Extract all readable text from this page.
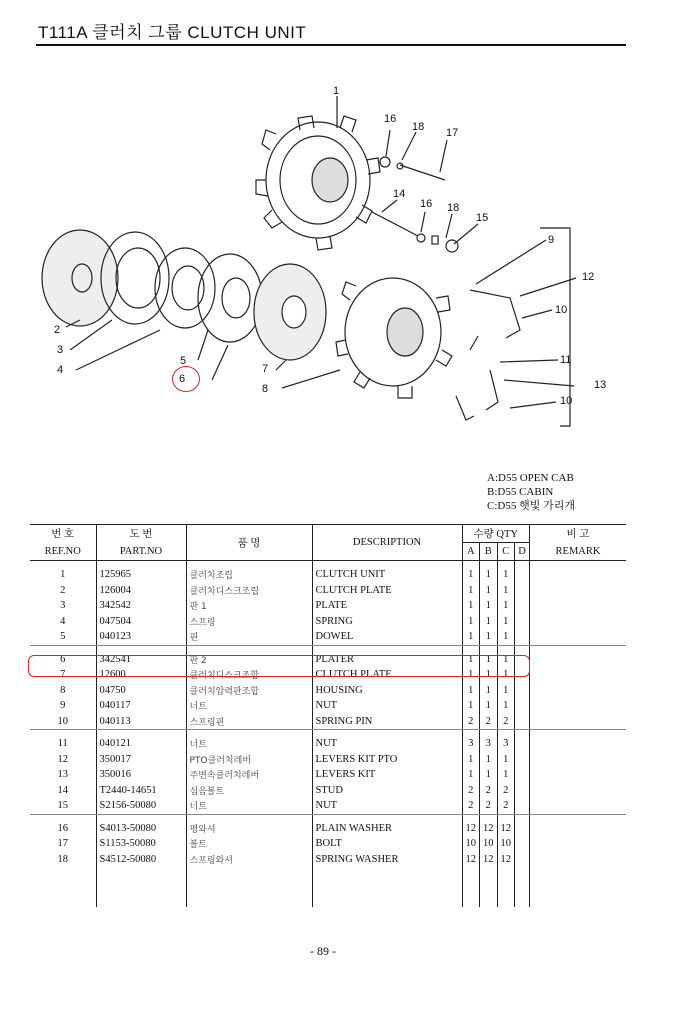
T111A 클러치 그룹 CLUTCH UNIT
1
16
18 17
14
16 18
15
9
12
10
11
13
10
2
3
4
5
6
7
8
A:D55 OPEN CAB
B:D55 CABIN
C:D55 햇빛 가리개
번 호	도 번	품 명	DESCRIPTION	수량 QTY				비 고
REF.NO	PART.NO			A	B	C	D	REMARK

1	125965	클러치조립	CLUTCH UNIT	1	1	1		
2	126004	클러치디스크조립	CLUTCH PLATE	1	1	1		
3	342542	판 1	PLATE	1	1	1		
4	047504	스프링	SPRING	1	1	1		
5	040123	핀	DOWEL	1	1	1		

6	342541	판 2	PLATER	1	1	1		
7	12600	클러치디스크조합	CLUTCH PLATE	1	1	1		
8	04750	클러치압력판조합	HOUSING	1	1	1		
9	040117	너트	NUT	1	1	1		
10	040113	스프링핀	SPRING PIN	2	2	2		

11	040121	너트	NUT	3	3	3		
12	350017	PTO클러치레버	LEVERS KIT PTO	1	1	1		
13	350016	주변속클러치레버	LEVERS KIT	1	1	1		
14	T2440-14651	심음볼트	STUD	2	2	2		
15	S2156-50080	너트	NUT	2	2	2		

16	S4013-50080	평와셔	PLAIN WASHER	12	12	12		
17	S1153-50080	볼트	BOLT	10	10	10		
18	S4512-50080	스프링와셔	SPRING WASHER	12	12	12		

- 89 -
